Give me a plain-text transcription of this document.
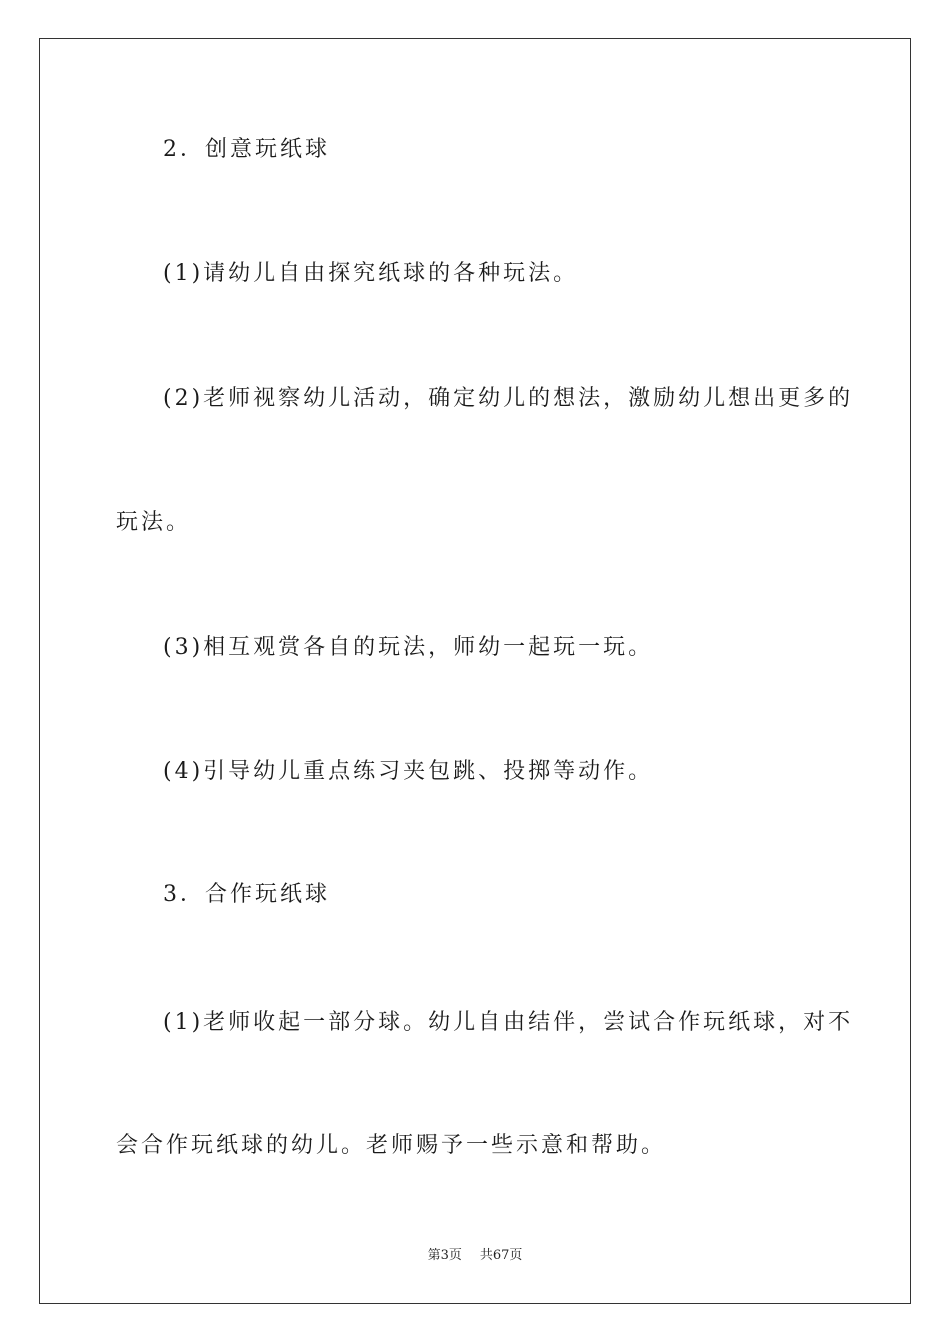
2．创意玩纸球
(1)请幼儿自由探究纸球的各种玩法。
(2)老师视察幼儿活动，确定幼儿的想法，激励幼儿想出更多的
玩法。
(3)相互观赏各自的玩法，师幼一起玩一玩。
(4)引导幼儿重点练习夹包跳、投掷等动作。
3．合作玩纸球
(1)老师收起一部分球。幼儿自由结伴，尝试合作玩纸球，对不
会合作玩纸球的幼儿。老师赐予一些示意和帮助。
第3页 共67页
